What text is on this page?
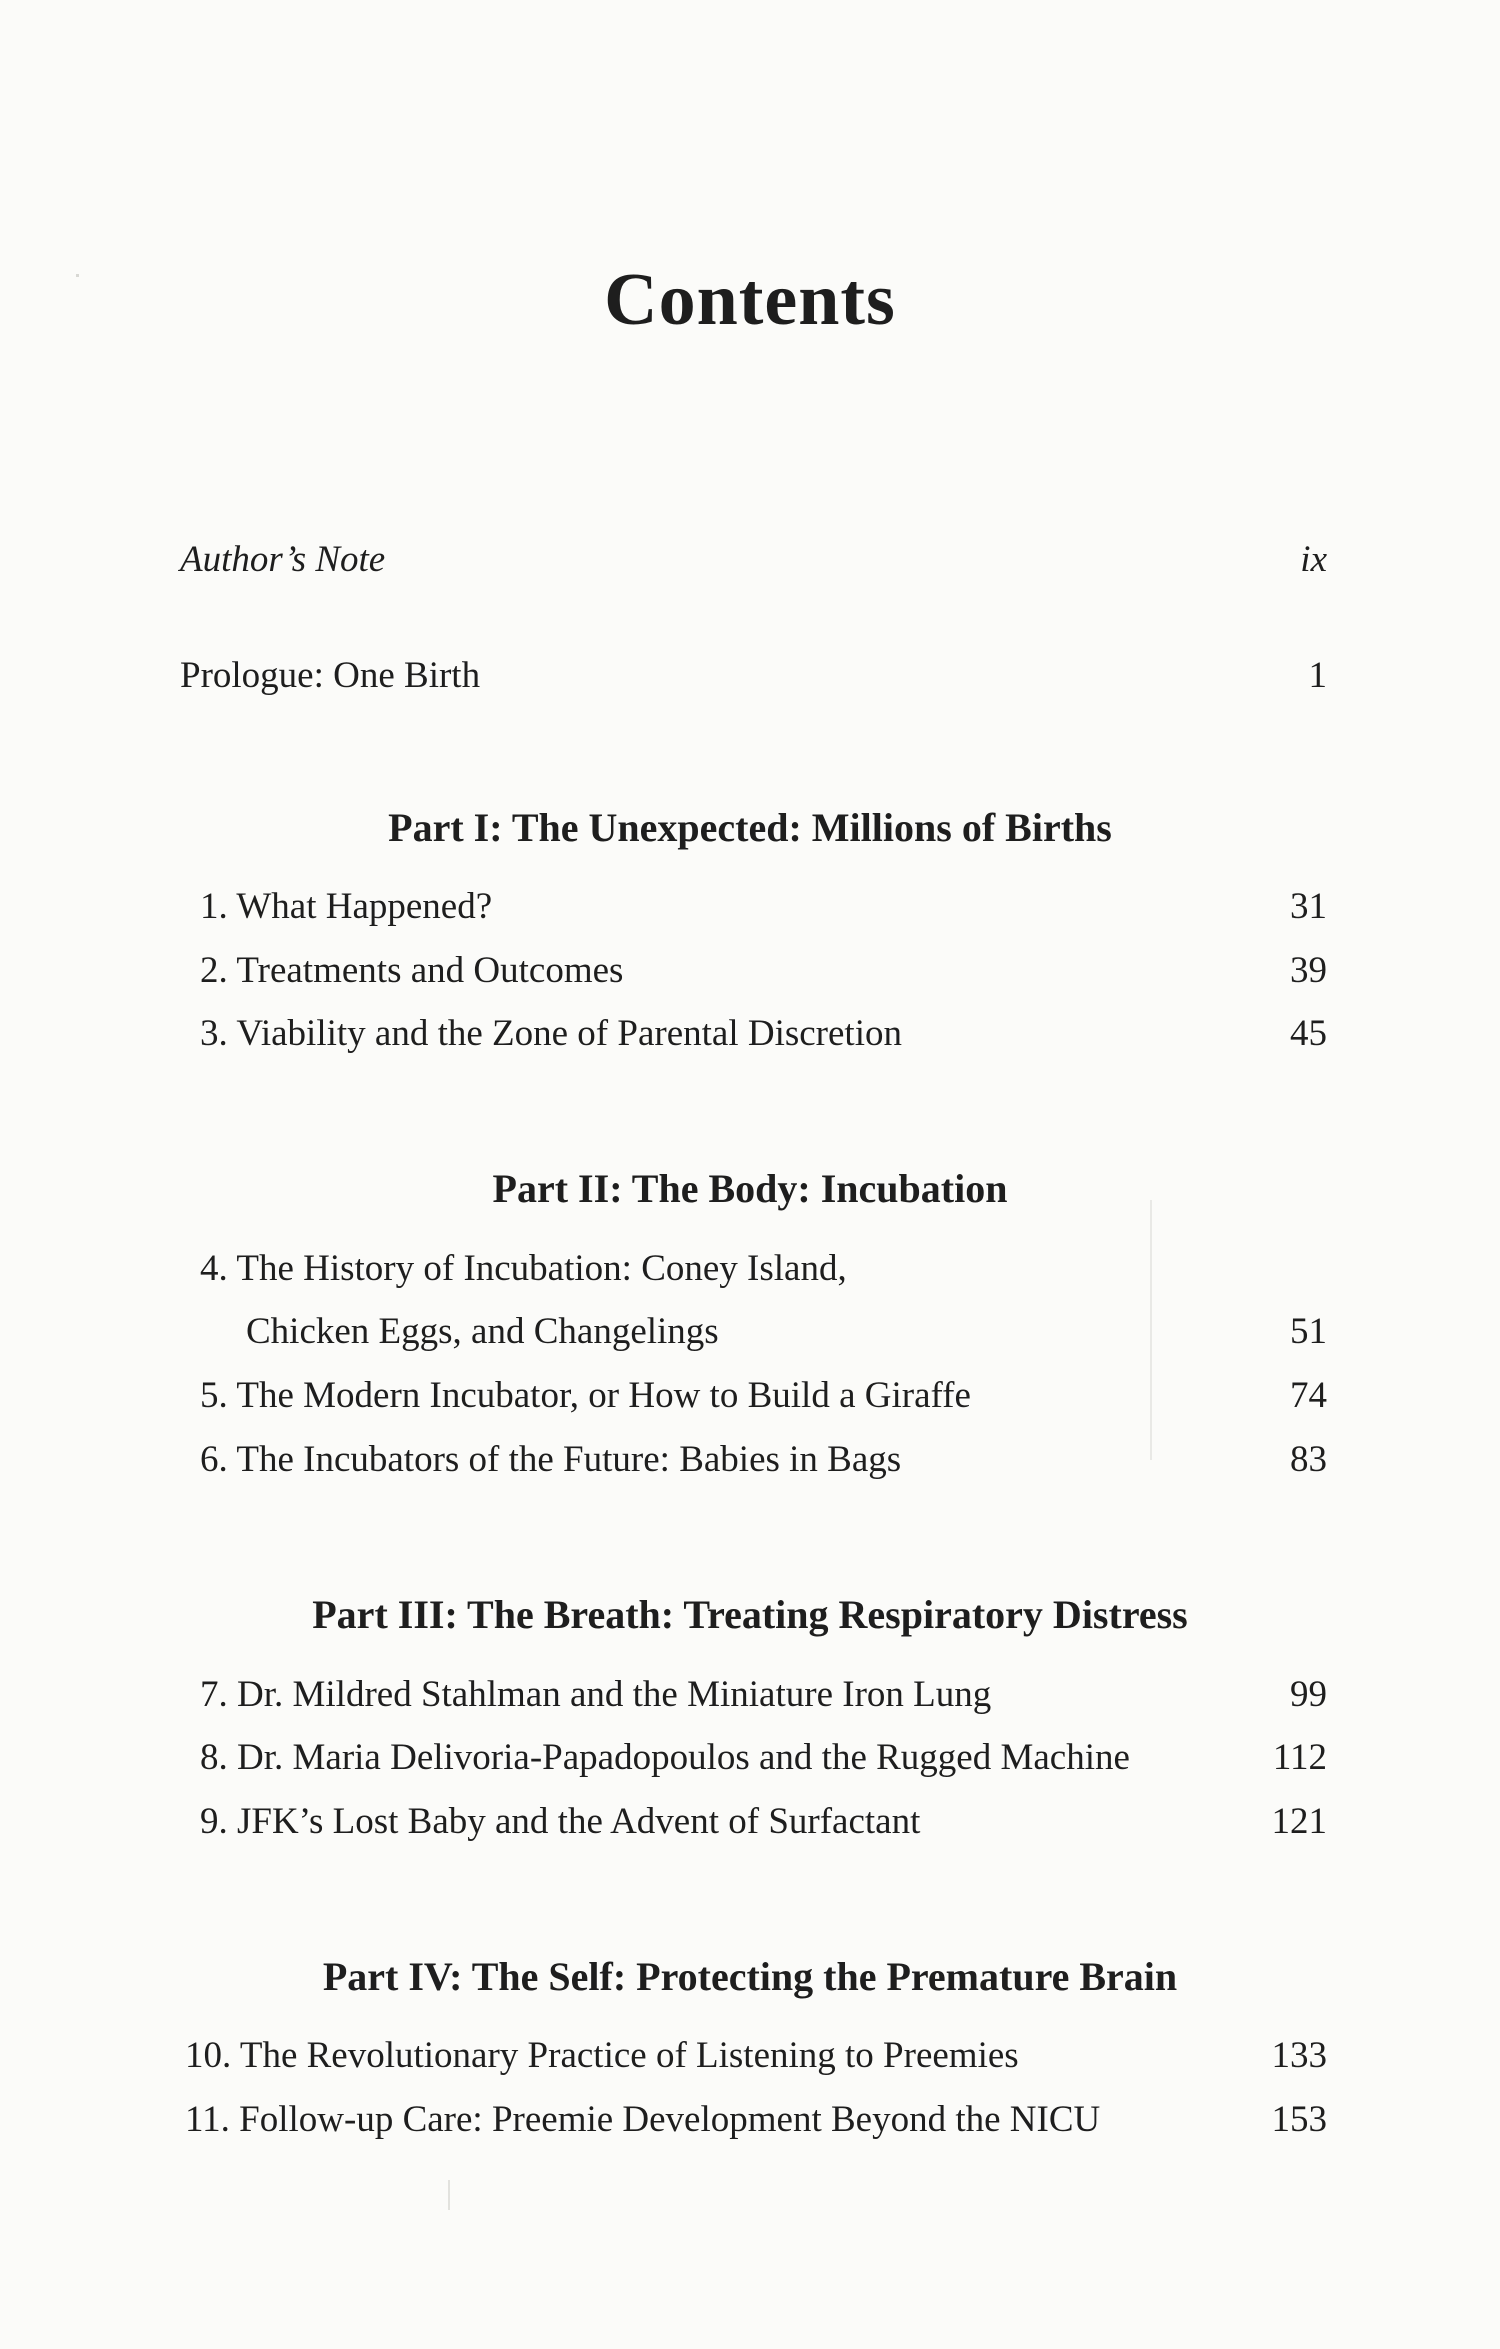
Contents
Author’s Note	ix
Prologue: One Birth	1
Part I: The Unexpected: Millions of Births
1. What Happened?	31
2. Treatments and Outcomes	39
3. Viability and the Zone of Parental Discretion	45
Part II: The Body: Incubation
4. The History of Incubation: Coney Island,
Chicken Eggs, and Changelings	51
5. The Modern Incubator, or How to Build a Giraffe	74
6. The Incubators of the Future: Babies in Bags	83
Part III: The Breath: Treating Respiratory Distress
7. Dr. Mildred Stahlman and the Miniature Iron Lung	99
8. Dr. Maria Delivoria-Papadopoulos and the Rugged Machine	112
9. JFK’s Lost Baby and the Advent of Surfactant	121
Part IV: The Self: Protecting the Premature Brain
10. The Revolutionary Practice of Listening to Preemies	133
11. Follow-up Care: Preemie Development Beyond the NICU	153
